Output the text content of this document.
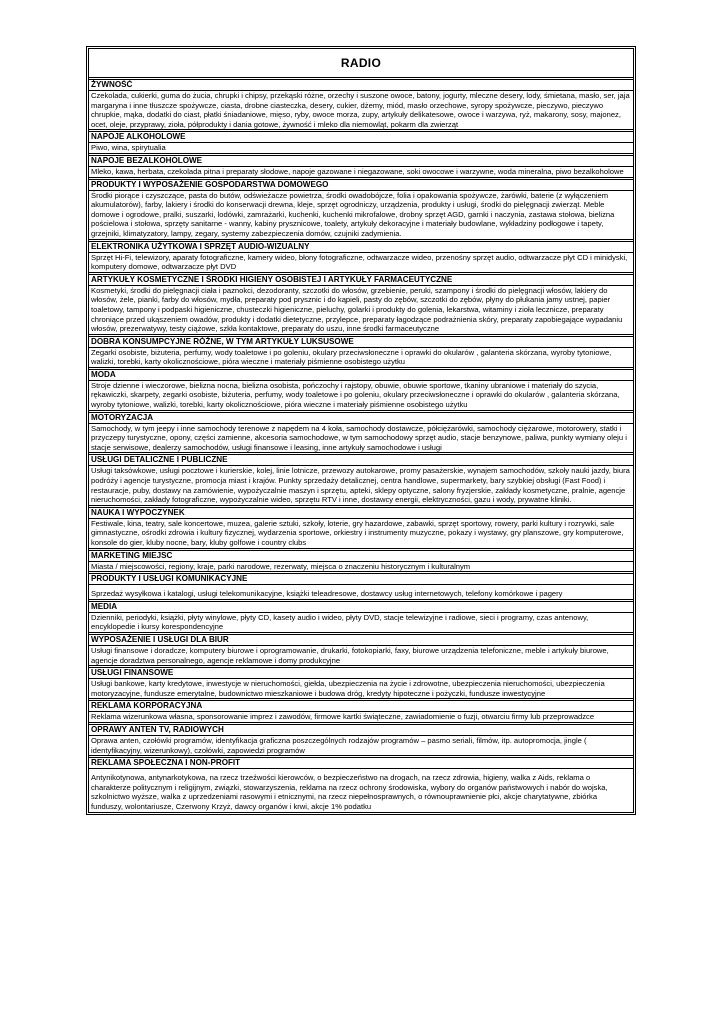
RADIO
ŻYWNOŚĆ
Czekolada, cukierki, guma do żucia, chrupki i chipsy, przekąski różne, orzechy i suszone owoce, batony, jogurty, mleczne desery, lody, śmietana, masło, ser, jaja margaryna i inne tłuszcze spożywcze, ciasta, drobne ciasteczka, desery, cukier, dżemy, miód, masło orzechowe, syropy spożywcze, pieczywo, pieczywo chrupkie, mąka, dodatki do ciast, płatki śniadaniowe, mięso, ryby, owoce morza, zupy, artykuły delikatesowe, owoce i warzywa, ryż, makarony, sosy, majonez, ocet, oleje, przyprawy, zioła, półprodukty i dania gotowe, żywność i mleko dla niemowląt, pokarm dla zwierząt
NAPOJE ALKOHOLOWE
Piwo, wina, spirytualia
NAPOJE BEZALKOHOLOWE
Mleko, kawa, herbata, czekolada pitna i preparaty słodowe, napoje gazowane i niegazowane, soki owocowe i warzywne, woda mineralna, piwo bezalkoholowe
PRODUKTY I WYPOSAŻENIE GOSPODARSTWA DOMOWEGO
Środki piorące i czyszczące, pasta do butów, odświeżacze powietrza, środki owadobójcze, folia i opakowania spożywcze, żarówki, baterie (z wyłączeniem akumulatorów), farby, lakiery i środki do konserwacji drewna, kleje, sprzęt ogrodniczy, urządzenia, produkty i usługi, środki do pielęgnacji zwierząt. Meble domowe i ogrodowe, pralki, suszarki, lodówki, zamrażarki, kuchenki, kuchenki mikrofalowe, drobny sprzęt AGD, garnki i naczynia, zastawa stołowa, bielizna pościelowa i stołowa, sprzęty sanitarne - wanny, kabiny prysznicowe, toalety, artykuły dekoracyjne i materiały budowlane, wykładziny podłogowe i tapety, grzejniki, klimatyzatory, lampy, zegary, systemy zabezpieczenia domów, czujniki zadymienia.
ELEKTRONIKA UŻYTKOWA I SPRZĘT AUDIO-WIZUALNY
Sprzęt Hi-Fi, telewizory, aparaty fotograficzne, kamery wideo, błony fotograficzne, odtwarzacze wideo, przenośny sprzęt audio, odtwarzacze płyt CD i minidyski, komputery domowe, odtwarzacze płyt DVD
ARTYKUŁY KOSMETYCZNE I ŚRODKI HIGIENY OSOBISTEJ I ARTYKUŁY FARMACEUTYCZNE
Kosmetyki, środki do pielęgnacji ciała i paznokci, dezodoranty, szczotki do włosów, grzebienie, peruki, szampony i środki do pielęgnacji włosów, lakiery do włosów, żele, pianki, farby do włosów, mydła, preparaty pod prysznic i do kąpieli, pasty do zębów, szczotki do zębów, płyny do płukania jamy ustnej, papier toaletowy, tampony i podpaski higieniczne, chusteczki higieniczne, pieluchy, golarki i produkty do golenia, lekarstwa, witaminy i zioła lecznicze, preparaty chroniące przed ukąszeniem owadów, produkty i dodatki dietetyczne, przylepce, preparaty łagodzące podrażnienia skóry, preparaty zapobiegające wypadaniu włosów, prezerwatywy, testy ciążowe, szkła kontaktowe, preparaty do uszu, inne środki farmaceutyczne
DOBRA KONSUMPCYJNE RÓŻNE, W TYM ARTYKUŁY LUKSUSOWE
Zegarki osobiste, biżuteria, perfumy, wody toaletowe i po goleniu, okulary przeciwsłoneczne i oprawki do okularów , galanteria skórzana, wyroby tytoniowe, walizki, torebki, karty okolicznościowe, pióra wieczne i materiały piśmienne osobistego użytku
MODA
Stroje dzienne i wieczorowe, bielizna nocna, bielizna osobista, pończochy i rajstopy, obuwie, obuwie sportowe, tkaniny ubraniowe i materiały do szycia, rękawiczki, skarpety, zegarki osobiste, biżuteria, perfumy, wody toaletowe i po goleniu, okulary przeciwsłoneczne i oprawki do okularów , galanteria skórzana, wyroby tytoniowe, walizki, torebki, karty okolicznościowe, pióra wieczne i materiały piśmienne osobistego użytku
MOTORYZACJA
Samochody, w tym jeepy i inne samochody terenowe z napędem na 4 koła, samochody dostawcze, półciężarówki, samochody ciężarowe, motorowery, statki i przyczepy turystyczne, opony, części zamienne, akcesoria samochodowe, w tym samochodowy sprzęt audio, stacje benzynowe, paliwa, punkty wymiany oleju i stacje serwisowe, dealerzy samochodów, usługi finansowe i leasing, inne artykuły samochodowe i usługi
USŁUGI DETALICZNE I PUBLICZNE
Usługi taksówkowe, usługi pocztowe i kurierskie, kolej, linie lotnicze, przewozy autokarowe, promy pasażerskie, wynajem samochodów, szkoły nauki jazdy, biura podróży i agencje turystyczne, promocja miast i krajów. Punkty sprzedaży detalicznej, centra handlowe, supermarkety, bary szybkiej obsługi (Fast Food) i restauracje, puby, dostawy na zamówienie, wypożyczalnie maszyn i sprzętu, apteki, sklepy optyczne, salony fryzjerskie, zakłady kosmetyczne, pralnie, agencje nieruchomości, zakłady fotograficzne, wypożyczalnie wideo, sprzętu RTV i inne, dostawcy energii, elektryczności, gazu i wody, prywatne kliniki.
NAUKA I WYPOCZYNEK
Festiwale, kina, teatry, sale koncertowe, muzea, galerie sztuki, szkoły, loterie, gry hazardowe, zabawki, sprzęt sportowy, rowery, parki kultury i rozrywki, sale gimnastyczne, ośrodki zdrowia i kultury fizycznej, wydarzenia sportowe, orkiestry i instrumenty muzyczne, pokazy i wystawy, gry planszowe, gry komputerowe, konsole do gier, kluby nocne, bary, kluby golfowe i country clubs
MARKETING MIEJSC
Miasta / miejscowości, regiony, kraje, parki narodowe, rezerwaty, miejsca o znaczeniu historycznym i kulturalnym
PRODUKTY I USŁUGI KOMUNIKACYJNE
Sprzedaż wysyłkowa i katalogi, usługi telekomunikacyjne, książki teleadresowe, dostawcy usług internetowych, telefony komórkowe i pagery
MEDIA
Dzienniki, periodyki, książki, płyty winylowe, płyty CD, kasety audio i wideo, płyty DVD, stacje telewizyjne i radiowe, sieci i programy, czas antenowy, encyklopedie i kursy korespondencyjne
WYPOSAŻENIE I USŁUGI DLA BIUR
Usługi finansowe i doradcze, komputery biurowe i oprogramowanie, drukarki, fotokopiarki, faxy, biurowe urządzenia telefoniczne, meble i artykuły biurowe, agencje doradztwa personalnego, agencje reklamowe i domy produkcyjne
USŁUGI FINANSOWE
Usługi bankowe, karty kredytowe, inwestycje w nieruchomości, giełda, ubezpieczenia na życie i zdrowotne, ubezpieczenia nieruchomości, ubezpieczenia motoryzacyjne, fundusze emerytalne, budownictwo mieszkaniowe i budowa dróg, kredyty hipoteczne i pożyczki, fundusze inwestycyjne
REKLAMA KORPORACYJNA
Reklama wizerunkowa własna, sponsorowanie imprez i zawodów, firmowe kartki świąteczne, zawiadomienie o fuzji, otwarciu firmy lub przeprowadzce
OPRAWY ANTEN TV, RADIOWYCH
Oprawa anten, czołówki programów, identyfikacja graficzna poszczególnych rodzajów programów – pasmo seriali, filmów, itp. autopromocja, jingle ( identyfikacyjny, wizerunkowy), czołówki, zapowiedzi programów
REKLAMA SPOŁECZNA I NON-PROFIT
Antynikotynowa, antynarkotykowa, na rzecz trzeźwości kierowców, o bezpieczeństwo na drogach, na rzecz zdrowia, higieny, walka z Aids, reklama o charakterze politycznym i religijnym, związki, stowarzyszenia, reklama na rzecz ochrony środowiska, wybory do organów państwowych i nabór do wojska, szkolnictwo wyższe, walka z uprzedzeniami rasowymi i etnicznymi, na rzecz niepełnosprawnych, o równouprawnienie płci, akcje charytatywne, zbiórka funduszy, wolontariusze, Czerwony Krzyż, dawcy organów i krwi, akcje 1% podatku
